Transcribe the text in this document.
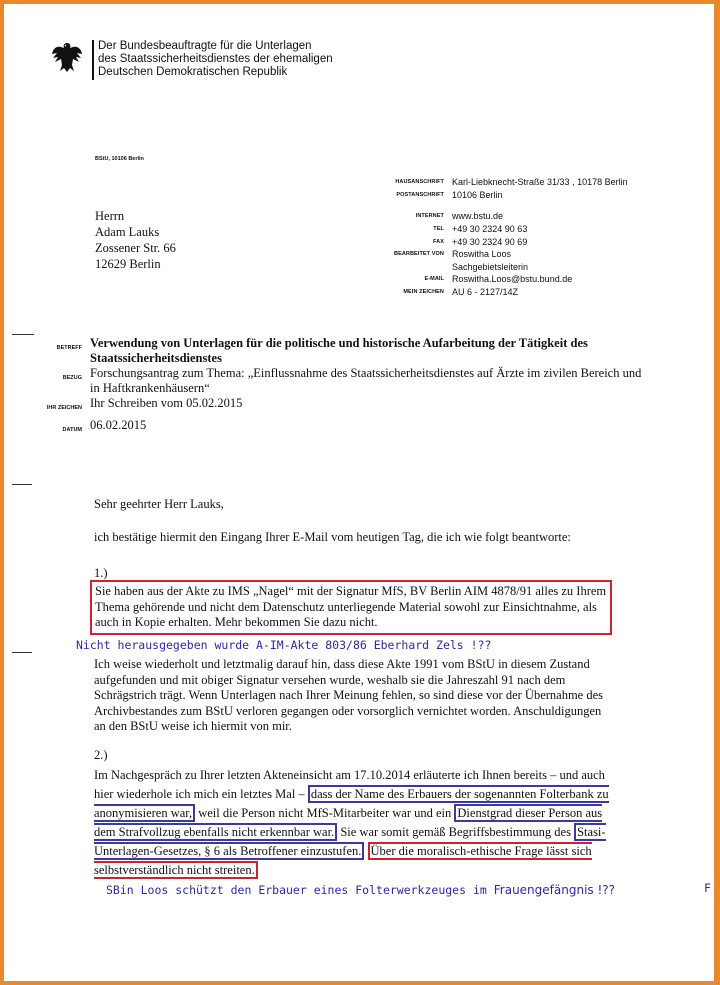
Der Bundesbeauftragte für die Unterlagen
des Staatssicherheitsdienstes der ehemaligen
Deutschen Demokratischen Republik
BStU, 10106 Berlin
Herrn
Adam Lauks
Zossener Str. 66
12629 Berlin
HAUSANSCHRIFT Karl-Liebknecht-Straße 31/33 , 10178 Berlin
POSTANSCHRIFT 10106 Berlin
INTERNET www.bstu.de
TEL +49 30 2324 90 63
FAX +49 30 2324 90 69
BEARBEITET VON Roswitha Loos
Sachgebietsleiterin
E-MAIL Roswitha.Loos@bstu.bund.de
MEIN ZEICHEN AU 6 - 2127/14Z
BETREFF Verwendung von Unterlagen für die politische und historische Aufarbeitung der Tätigkeit des Staatssicherheitsdienstes
BEZUG Forschungsantrag zum Thema: „Einflussnahme des Staatssicherheitsdienstes auf Ärzte im zivilen Bereich und in Haftkrankenhäusern“
IHR ZEICHEN Ihr Schreiben vom 05.02.2015
DATUM 06.02.2015
Sehr geehrter Herr Lauks,
ich bestätige hiermit den Eingang Ihrer E-Mail vom heutigen Tag, die ich wie folgt beantworte:
1.)
Sie haben aus der Akte zu IMS „Nagel“ mit der Signatur MfS, BV Berlin AIM 4878/91 alles zu Ihrem Thema gehörende und nicht dem Datenschutz unterliegende Material sowohl zur Einsichtnahme, als auch in Kopie erhalten. Mehr bekommen Sie dazu nicht.
Nicht herausgegeben wurde A-IM-Akte 803/86 Eberhard Zels !??
Ich weise wiederholt und letztmalig darauf hin, dass diese Akte 1991 vom BStU in diesem Zustand aufgefunden und mit obiger Signatur versehen wurde, weshalb sie die Jahreszahl 91 nach dem Schrägstrich trägt. Wenn Unterlagen nach Ihrer Meinung fehlen, so sind diese vor der Übernahme des Archivbestandes zum BStU verloren gegangen oder vorsorglich vernichtet worden. Anschuldigungen an den BStU weise ich hiermit von mir.
2.)
Im Nachgespräch zu Ihrer letzten Akteneinsicht am 17.10.2014 erläuterte ich Ihnen bereits – und auch hier wiederhole ich mich ein letztes Mal – dass der Name des Erbauers der sogenannten Folterbank zu anonymisieren war, weil die Person nicht MfS-Mitarbeiter war und ein Dienstgrad dieser Person aus dem Strafvollzug ebenfalls nicht erkennbar war. Sie war somit gemäß Begriffsbestimmung des Stasi-Unterlagen-Gesetzes, § 6 als Betroffener einzustufen. Über die moralisch-ethische Frage lässt sich selbstverständlich nicht streiten.
SBin Loos schützt den Erbauer eines Folterwerkzeuges im Frauengefängnis !??	F
